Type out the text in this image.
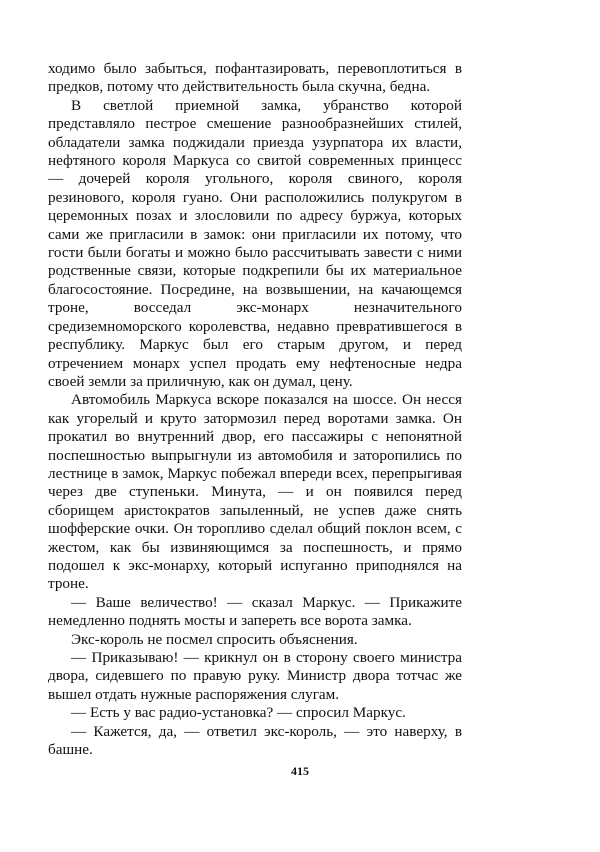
ходимо было забыться, пофантазировать, перевоплотиться в предков, потому что действительность была скучна, бедна.

В светлой приемной замка, убранство которой представляло пестрое смешение разнообразнейших стилей, обладатели замка поджидали приезда узурпатора их власти, нефтяного короля Маркуса со свитой современных принцесс — дочерей короля угольного, короля свиного, короля резинового, короля гуано. Они расположились полукругом в церемонных позах и злословили по адресу буржуа, которых сами же пригласили в замок: они пригласили их потому, что гости были богаты и можно было рассчитывать завести с ними родственные связи, которые подкрепили бы их материальное благосостояние. Посредине, на возвышении, на качающемся троне, восседал экс-монарх незначительного средиземноморского королевства, недавно превратившегося в республику. Маркус был его старым другом, и перед отречением монарх успел продать ему нефтеносные недра своей земли за приличную, как он думал, цену.

Автомобиль Маркуса вскоре показался на шоссе. Он несся как угорелый и круто затормозил перед воротами замка. Он прокатил во внутренний двор, его пассажиры с непонятной поспешностью выпрыгнули из автомобиля и заторопились по лестнице в замок, Маркус побежал впереди всех, перепрыгивая через две ступеньки. Минута, — и он появился перед сборищем аристократов запыленный, не успев даже снять шофферские очки. Он торопливо сделал общий поклон всем, с жестом, как бы извиняющимся за поспешность, и прямо подошел к экс-монарху, который испуганно приподнялся на троне.

— Ваше величество! — сказал Маркус. — Прикажите немедленно поднять мосты и запереть все ворота замка.

Экс-король не посмел спросить объяснения.

— Приказываю! — крикнул он в сторону своего министра двора, сидевшего по правую руку. Министр двора тотчас же вышел отдать нужные распоряжения слугам.

— Есть у вас радио-установка? — спросил Маркус.

— Кажется, да, — ответил экс-король, — это наверху, в башне.

415
